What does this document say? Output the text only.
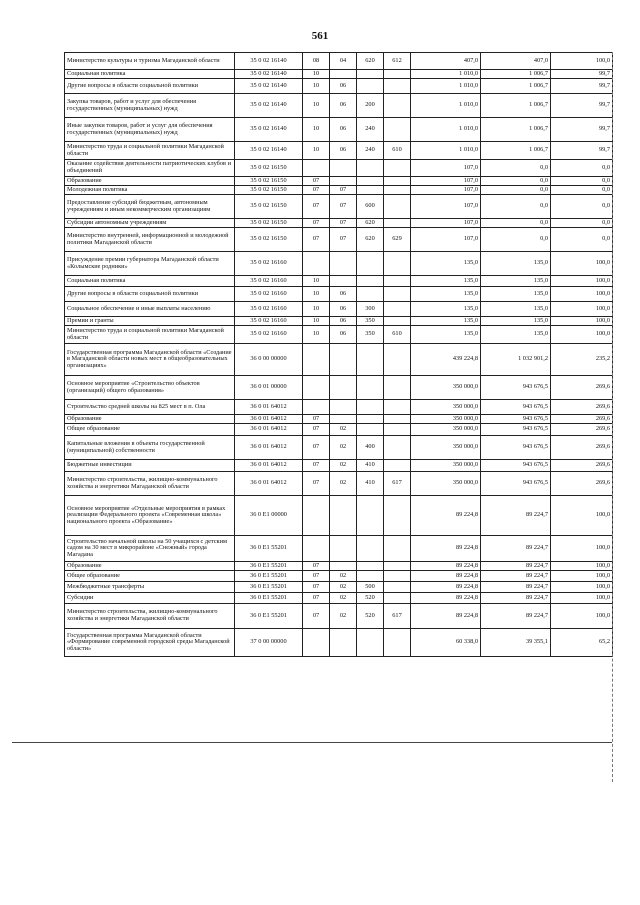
561
Министерство культуры и туризма Магаданской области	35 0 02 16140	08	04	620	612	407,0	407,0	100,0
Социальная политика	35 0 02 16140	10				1 010,0	1 006,7	99,7
Другие вопросы в области социальной политики	35 0 02 16140	10	06			1 010,0	1 006,7	99,7
Закупка товаров, работ и услуг для обеспечения государственных (муниципальных) нужд	35 0 02 16140	10	06	200		1 010,0	1 006,7	99,7
Иные закупки товаров, работ и услуг для обеспечения государственных (муниципальных) нужд	35 0 02 16140	10	06	240		1 010,0	1 006,7	99,7
Министерство труда и социальной политики Магаданской области	35 0 02 16140	10	06	240	610	1 010,0	1 006,7	99,7
Оказание содействия деятельности патриотических клубов и объединений	35 0 02 16150					107,0	0,0	0,0
Образование	35 0 02 16150	07				107,0	0,0	0,0
Молодежная политика	35 0 02 16150	07	07			107,0	0,0	0,0
Предоставление субсидий бюджетным, автономным учреждениям и иным некоммерческим организациям	35 0 02 16150	07	07	600		107,0	0,0	0,0
Субсидии автономным учреждениям	35 0 02 16150	07	07	620		107,0	0,0	0,0
Министерство внутренней, информационной и молодежной политики Магаданской области	35 0 02 16150	07	07	620	629	107,0	0,0	0,0
Присуждение премии губернатора Магаданской области «Колымские родники»	35 0 02 16160					135,0	135,0	100,0
Социальная политика	35 0 02 16160	10				135,0	135,0	100,0
Другие вопросы в области социальной политики	35 0 02 16160	10	06			135,0	135,0	100,0
Социальное обеспечение и иные выплаты населению	35 0 02 16160	10	06	300		135,0	135,0	100,0
Премии и гранты	35 0 02 16160	10	06	350		135,0	135,0	100,0
Министерство труда и социальной политики Магаданской области	35 0 02 16160	10	06	350	610	135,0	135,0	100,0
Государственная программа Магаданской области «Создание в Магаданской области новых мест в общеобразовательных организациях»	36 0 00 00000					439 224,8	1 032 901,2	235,2
Основное мероприятие «Строительство объектов (организаций) общего образования»	36 0 01 00000					350 000,0	943 676,5	269,6
Строительство средней школы на 825 мест в п. Ола	36 0 01 64012					350 000,0	943 676,5	269,6
Образование	36 0 01 64012	07				350 000,0	943 676,5	269,6
Общее образование	36 0 01 64012	07	02			350 000,0	943 676,5	269,6
Капитальные вложения в объекты государственной (муниципальной) собственности	36 0 01 64012	07	02	400		350 000,0	943 676,5	269,6
Бюджетные инвестиции	36 0 01 64012	07	02	410		350 000,0	943 676,5	269,6
Министерство строительства, жилищно-коммунального хозяйства и энергетики Магаданской области	36 0 01 64012	07	02	410	617	350 000,0	943 676,5	269,6
Основное мероприятие «Отдельные мероприятия в рамках реализации Федерального проекта «Современная школа» национального проекта «Образование»	36 0 E1 00000					89 224,8	89 224,7	100,0
Строительство начальной школы на 50 учащихся с детским садом на 30 мест в микрорайоне «Снежный» города Магадана	36 0 E1 55201					89 224,8	89 224,7	100,0
Образование	36 0 E1 55201	07				89 224,8	89 224,7	100,0
Общее образование	36 0 E1 55201	07	02			89 224,8	89 224,7	100,0
Межбюджетные трансферты	36 0 E1 55201	07	02	500		89 224,8	89 224,7	100,0
Субсидии	36 0 E1 55201	07	02	520		89 224,8	89 224,7	100,0
Министерство строительства, жилищно-коммунального хозяйства и энергетики Магаданской области	36 0 E1 55201	07	02	520	617	89 224,8	89 224,7	100,0
Государственная программа Магаданской области «Формирование современной городской среды Магаданской области»	37 0 00 00000					60 338,0	39 355,1	65,2
